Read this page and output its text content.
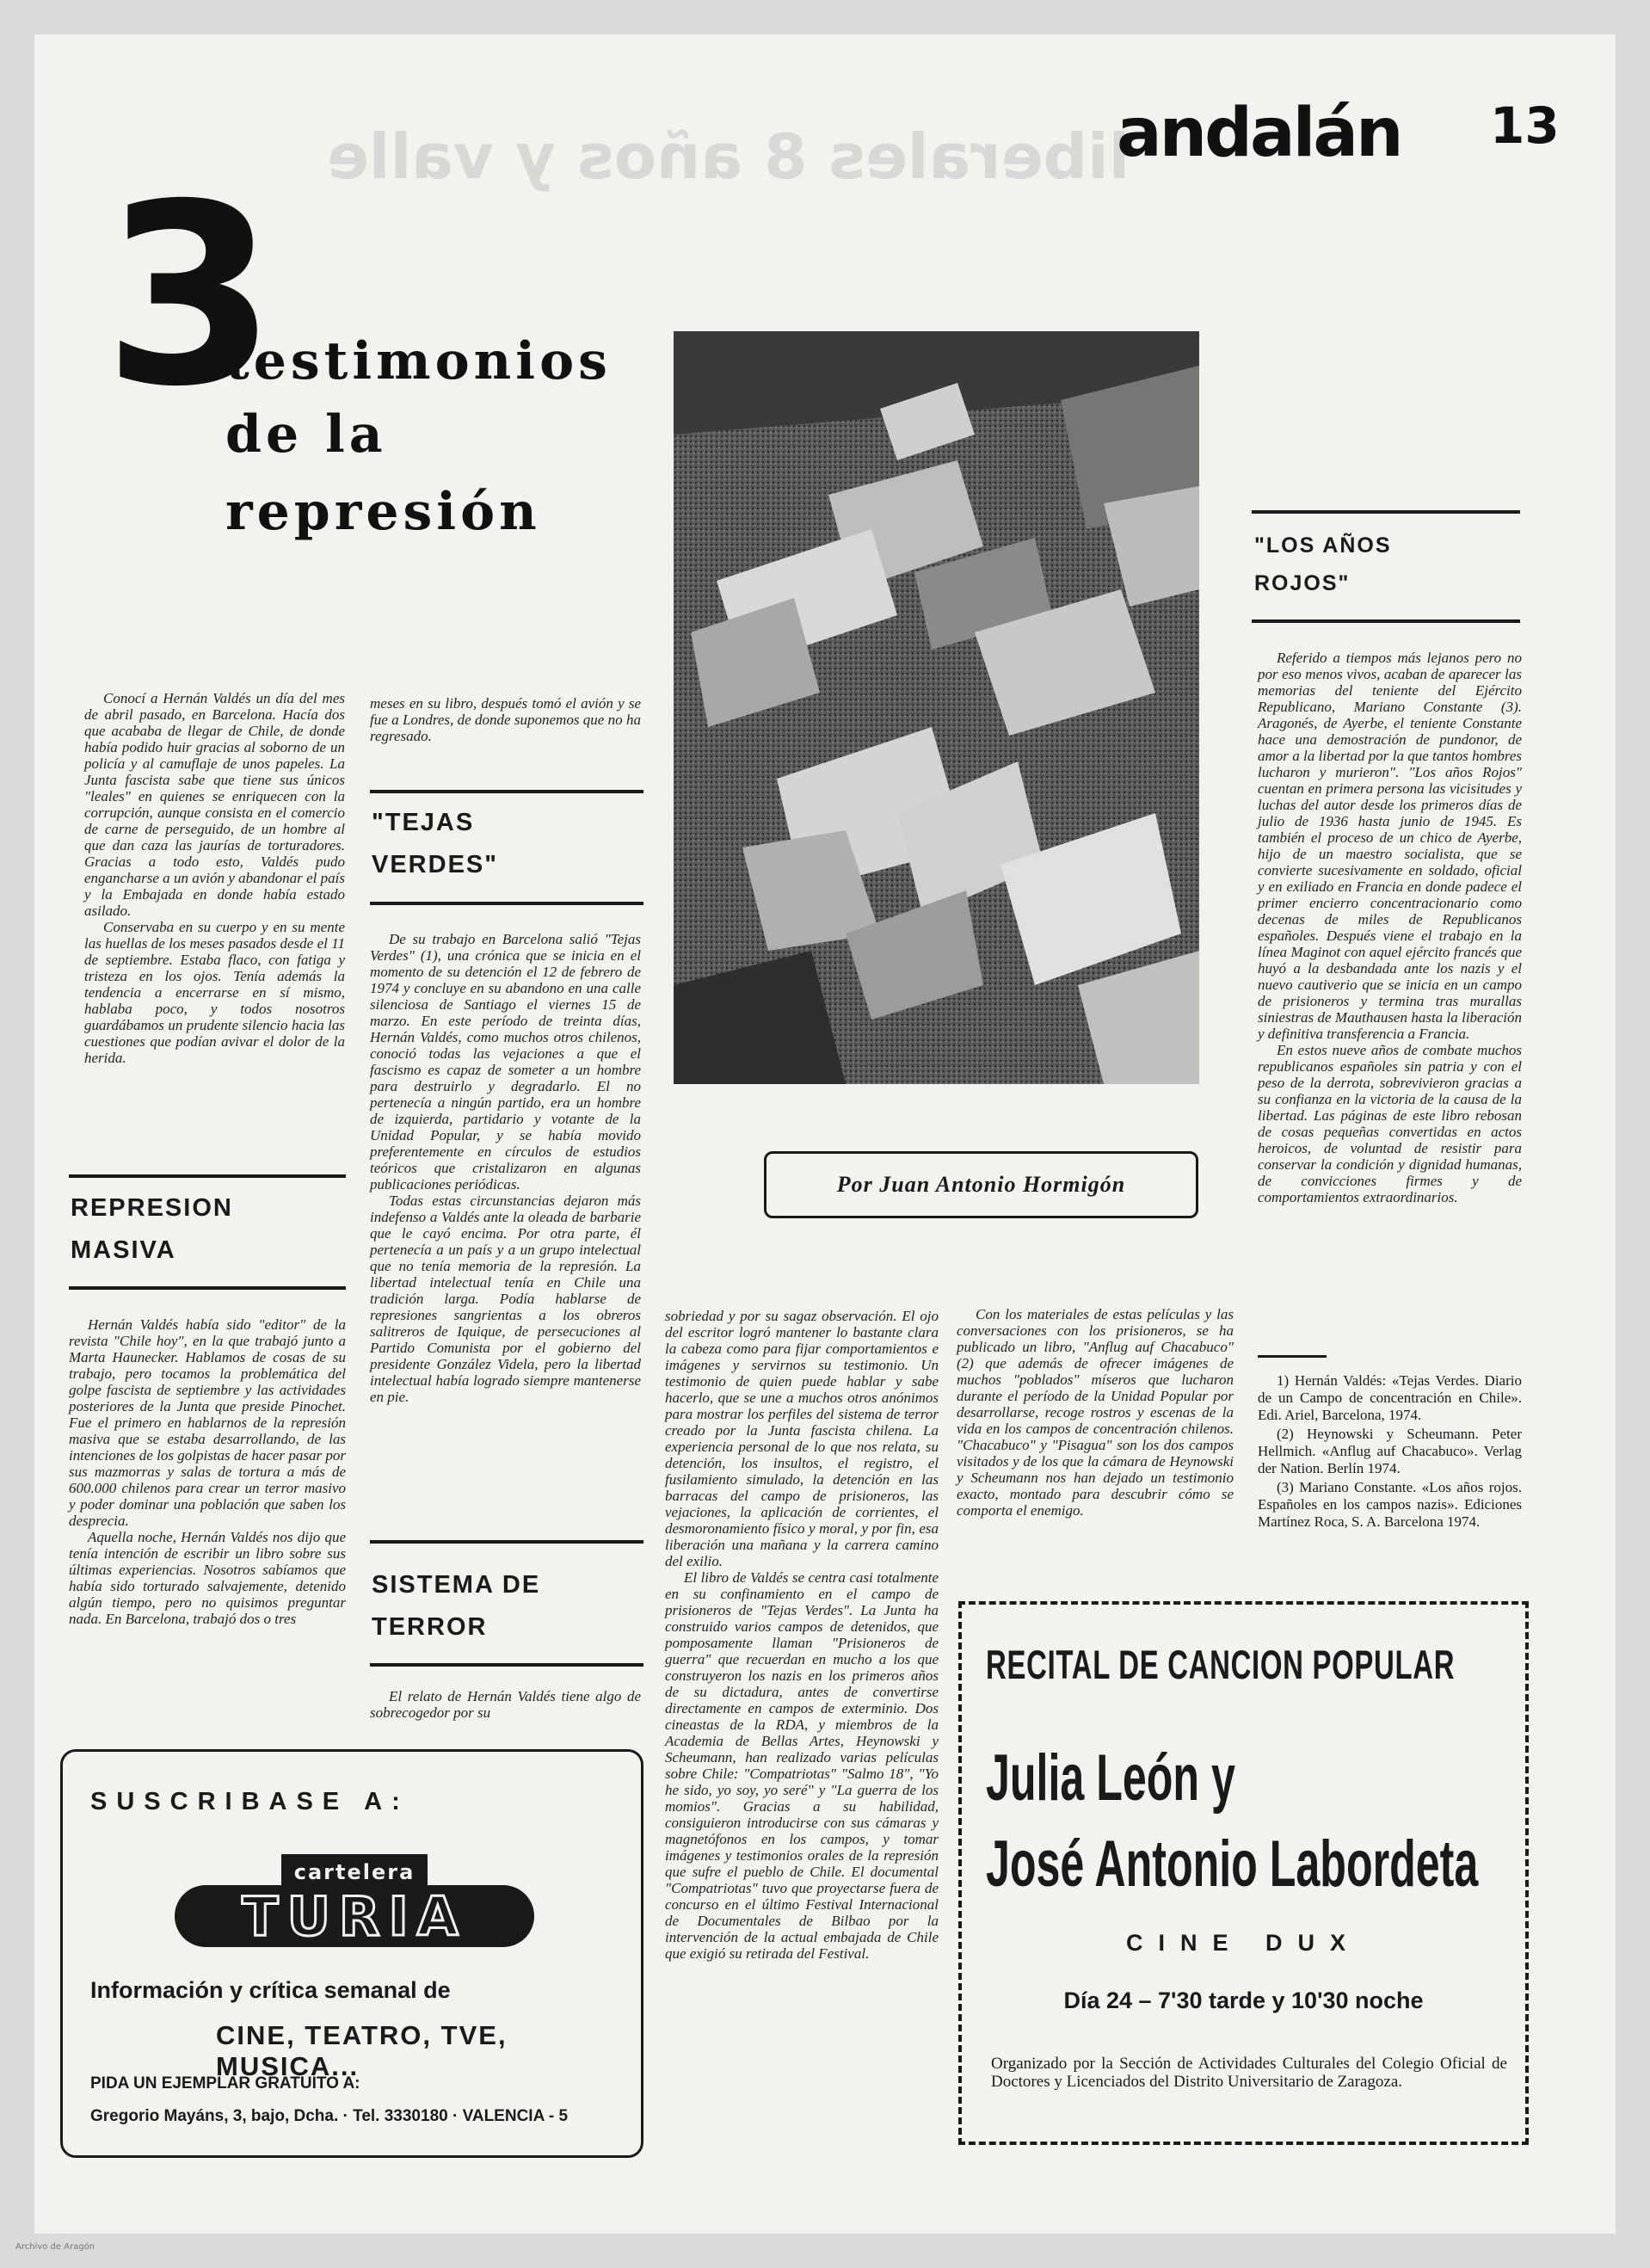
liberales 8 años y valle
andalán 13
3
testimonios
de la
represión

Conocí a Hernán Valdés un día del mes de abril pasado, en Barcelona. Hacía dos que acababa de llegar de Chile, de donde había podido huir gracias al soborno de un policía y al camuflaje de unos papeles. La Junta fascista sabe que tiene sus únicos "leales" en quienes se enriquecen con la corrupción, aunque consista en el comercio de carne de perseguido, de un hombre al que dan caza las jaurías de torturadores. Gracias a todo esto, Valdés pudo engancharse a un avión y abandonar el país y la Embajada en donde había estado asilado.

Conservaba en su cuerpo y en su mente las huellas de los meses pasados desde el 11 de septiembre. Estaba flaco, con fatiga y tristeza en los ojos. Tenía además la tendencia a encerrarse en sí mismo, hablaba poco, y todos nosotros guardábamos un prudente silencio hacia las cuestiones que podían avivar el dolor de la herida.

REPRESION MASIVA

Hernán Valdés había sido "editor" de la revista "Chile hoy", en la que trabajó junto a Marta Haunecker. Hablamos de cosas de su trabajo, pero tocamos la problemática del golpe fascista de septiembre y las actividades posteriores de la Junta que preside Pinochet. Fue el primero en hablarnos de la represión masiva que se estaba desarrollando, de las intenciones de los golpistas de hacer pasar por sus mazmorras y salas de tortura a más de 600.000 chilenos para crear un terror masivo y poder dominar una población que saben los desprecia.

Aquella noche, Hernán Valdés nos dijo que tenía intención de escribir un libro sobre sus últimas experiencias. Nosotros sabíamos que había sido torturado salvajemente, detenido algún tiempo, pero no quisimos preguntar nada. En Barcelona, trabajó dos o tres

meses en su libro, después tomó el avión y se fue a Londres, de donde suponemos que no ha regresado.
"TEJAS VERDES"

De su trabajo en Barcelona salió "Tejas Verdes" (1), una crónica que se inicia en el momento de su detención el 12 de febrero de 1974 y concluye en su abandono en una calle silenciosa de Santiago el viernes 15 de marzo. En este período de treinta días, Hernán Valdés, como muchos otros chilenos, conoció todas las vejaciones a que el fascismo es capaz de someter a un hombre para destruirlo y degradarlo. El no pertenecía a ningún partido, era un hombre de izquierda, partidario y votante de la Unidad Popular, y se había movido preferentemente en círculos de estudios teóricos que cristalizaron en algunas publicaciones periódicas.

Todas estas circunstancias dejaron más indefenso a Valdés ante la oleada de barbarie que le cayó encima. Por otra parte, él pertenecía a un país y a un grupo intelectual que no tenía memoria de la represión. La libertad intelectual tenía en Chile una tradición larga. Podía hablarse de represiones sangrientas a los obreros salitreros de Iquique, de persecuciones al Partido Comunista por el gobierno del presidente González Videla, pero la libertad intelectual había logrado siempre mantenerse en pie.

SISTEMA DE TERROR

El relato de Hernán Valdés tiene algo de sobrecogedor por su

Por Juan Antonio Hormigón

sobriedad y por su sagaz observación. El ojo del escritor logró mantener lo bastante clara la cabeza como para fijar comportamientos e imágenes y servirnos su testimonio. Un testimonio de quien puede hablar y sabe hacerlo, que se une a muchos otros anónimos para mostrar los perfiles del sistema de terror creado por la Junta fascista chilena. La experiencia personal de lo que nos relata, su detención, los insultos, el registro, el fusilamiento simulado, la detención en las barracas del campo de prisioneros, las vejaciones, la aplicación de corrientes, el desmoronamiento físico y moral, y por fin, esa liberación una mañana y la carrera camino del exilio.

El libro de Valdés se centra casi totalmente en su confinamiento en el campo de prisioneros de "Tejas Verdes". La Junta ha construido varios campos de detenidos, que pomposamente llaman "Prisioneros de guerra" que recuerdan en mucho a los que construyeron los nazis en los primeros años de su dictadura, antes de convertirse directamente en campos de exterminio. Dos cineastas de la RDA, y miembros de la Academia de Bellas Artes, Heynowski y Scheumann, han realizado varias películas sobre Chile: "Compatriotas" "Salmo 18", "Yo he sido, yo soy, yo seré" y "La guerra de los momios". Gracias a su habilidad, consiguieron introducirse con sus cámaras y magnetófonos en los campos, y tomar imágenes y testimonios orales de la represión que sufre el pueblo de Chile. El documental "Compatriotas" tuvo que proyectarse fuera de concurso en el último Festival Internacional de Documentales de Bilbao por la intervención de la actual embajada de Chile que exigió su retirada del Festival.

Con los materiales de estas películas y las conversaciones con los prisioneros, se ha publicado un libro, "Anflug auf Chacabuco" (2) que además de ofrecer imágenes de muchos "poblados" míseros que lucharon durante el período de la Unidad Popular por desarrollarse, recoge rostros y escenas de la vida en los campos de concentración chilenos. "Chacabuco" y "Pisagua" son los dos campos visitados y de los que la cámara de Heynowski y Scheumann nos han dejado un testimonio exacto, montado para descubrir cómo se comporta el enemigo.

"LOS AÑOS ROJOS"

Referido a tiempos más lejanos pero no por eso menos vivos, acaban de aparecer las memorias del teniente del Ejército Republicano, Mariano Constante (3). Aragonés, de Ayerbe, el teniente Constante hace una demostración de pundonor, de amor a la libertad por la que tantos hombres lucharon y murieron". "Los años Rojos" cuentan en primera persona las vicisitudes y luchas del autor desde los primeros días de julio de 1936 hasta junio de 1945. Es también el proceso de un chico de Ayerbe, hijo de un maestro socialista, que se convierte sucesivamente en soldado, oficial y en exiliado en Francia en donde padece el primer encierro concentracionario como decenas de miles de Republicanos españoles. Después viene el trabajo en la línea Maginot con aquel ejército francés que huyó a la desbandada ante los nazis y el nuevo cautiverio que se inicia en un campo de prisioneros y termina tras murallas siniestras de Mauthausen hasta la liberación y definitiva transferencia a Francia.

En estos nueve años de combate muchos republicanos españoles sin patria y con el peso de la derrota, sobrevivieron gracias a su confianza en la victoria de la causa de la libertad. Las páginas de este libro rebosan de cosas pequeñas convertidas en actos heroicos, de voluntad de resistir para conservar la condición y dignidad humanas, de convicciones firmes y de comportamientos extraordinarios.

1) Hernán Valdés: «Tejas Verdes. Diario de un Campo de concentración en Chile». Edi. Ariel, Barcelona, 1974.

(2) Heynowski y Scheumann. Peter Hellmich. «Anflug auf Chacabuco». Verlag der Nation. Berlín 1974.

(3) Mariano Constante. «Los años rojos. Españoles en los campos nazis». Ediciones Martínez Roca, S. A. Barcelona 1974.

SUSCRIBASE A:
cartelera
TURIA
Información y crítica semanal de
CINE, TEATRO, TVE, MUSICA...
PIDA UN EJEMPLAR GRATUITO A:
Gregorio Mayáns, 3, bajo, Dcha. · Tel. 3330180 · VALENCIA - 5
RECITAL DE CANCION POPULAR
Julia León y
José Antonio Labordeta
CINE DUX
Día 24 – 7'30 tarde y 10'30 noche
Organizado por la Sección de Actividades Culturales del Colegio Oficial de Doctores y Licenciados del Distrito Universitario de Zaragoza.
Archivo de Aragón
